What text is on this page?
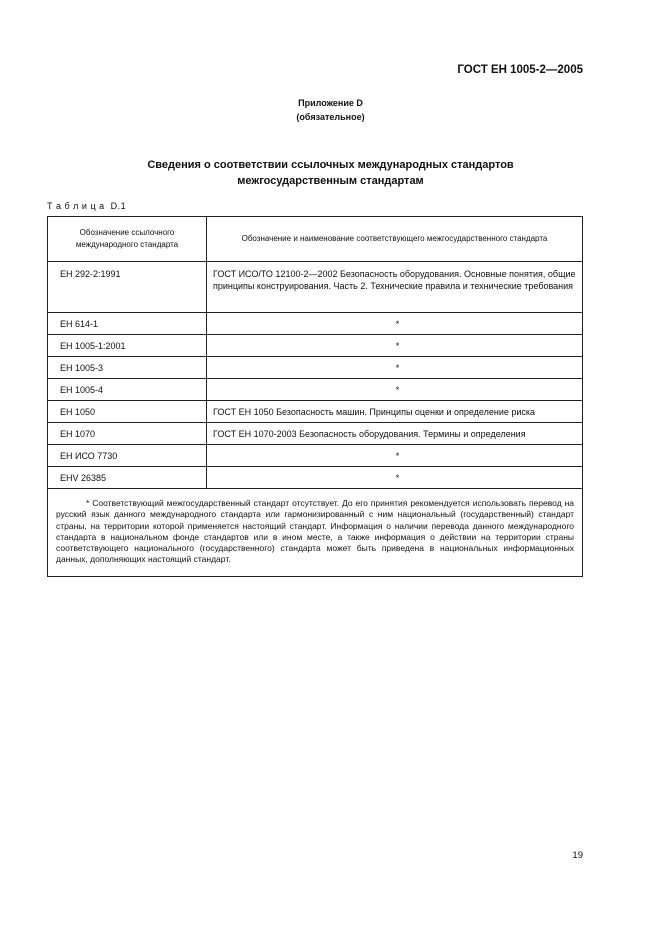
ГОСТ ЕН 1005-2—2005
Приложение D
(обязательное)
Сведения о соответствии ссылочных международных стандартов
межгосударственным стандартам
Т а б л и ц а  D.1
Обозначение ссылочного международного стандарта	Обозначение и наименование соответствующего межгосударственного стандарта
ЕН 292-2:1991	ГОСТ ИСО/ТО 12100-2—2002 Безопасность оборудования. Основные понятия, общие принципы конструирования. Часть 2. Технические правила и технические требования
ЕН 614-1	*
ЕН 1005-1:2001	*
ЕН 1005-3	*
ЕН 1005-4	*
ЕН 1050	ГОСТ ЕН 1050 Безопасность машин. Принципы оценки и определение риска
ЕН 1070	ГОСТ ЕН 1070-2003 Безопасность оборудования. Термины и определения
ЕН ИСО 7730	*
EHV 26385	*
* Соответствующий межгосударственный стандарт отсутствует. До его принятия рекомендуется использовать перевод на русский язык данного международного стандарта или гармонизированный с ним национальный (государственный) стандарт страны, на территории которой применяется настоящий стандарт. Информация о наличии перевода данного международного стандарта в национальном фонде стандартов или в ином месте, а также информация о действии на территории страны соответствующего национального (государственного) стандарта может быть приведена в национальных информационных данных, дополняющих настоящий стандарт.	
19
